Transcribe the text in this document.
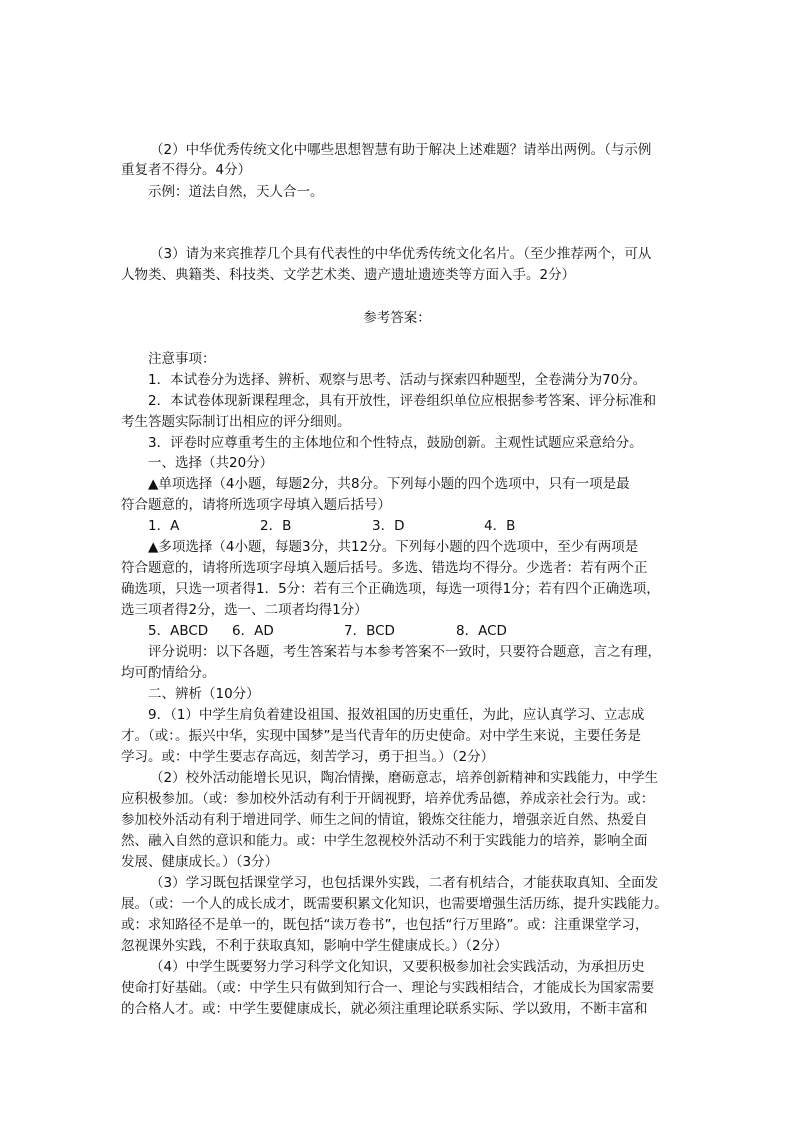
（2）中华优秀传统文化中哪些思想智慧有助于解决上述难题？请举出两例。（与示例
重复者不得分。4分）
示例：道法自然，天人合一。
（3）请为来宾推荐几个具有代表性的中华优秀传统文化名片。（至少推荐两个，可从
人物类、典籍类、科技类、文学艺术类、遗产遗址遗迹类等方面入手。2分）
参考答案：
注意事项：
1．本试卷分为选择、辨析、观察与思考、活动与探索四种题型，全卷满分为70分。
2．本试卷体现新课程理念，具有开放性，评卷组织单位应根据参考答案、评分标准和
考生答题实际制订出相应的评分细则。
3．评卷时应尊重考生的主体地位和个性特点，鼓励创新。主观性试题应采意给分。
一、选择（共20分）
▲单项选择（4小题，每题2分，共8分。下列每小题的四个选项中，只有一项是最
符合题意的，请将所选项字母填入题后括号）
1．A	2．B	3．D	4．B
▲多项选择（4小题，每题3分，共12分。下列每小题的四个选项中，至少有两项是
符合题意的，请将所选项字母填入题后括号。多选、错选均不得分。少选者：若有两个正
确选项，只选一项者得1．5分：若有三个正确选项，每选一项得1分；若有四个正确选项，
选三项者得2分，选一、二项者均得1分）
5．ABCD 6．AD	7．BCD	8．ACD
评分说明：以下各题，考生答案若与本参考答案不一致时，只要符合题意，言之有理，
均可酌情给分。
二、辨析（10分）
9．（1）中学生肩负着建设祖国、报效祖国的历史重任，为此，应认真学习、立志成
才。（或：。振兴中华，实现中国梦”是当代青年的历史使命。对中学生来说，主要任务是
学习。或：中学生要志存高远，刻苦学习，勇于担当。）（2分）
（2）校外活动能增长见识，陶冶情操，磨砺意志，培养创新精神和实践能力，中学生
应积极参加。（或：参加校外活动有利于开阔视野，培养优秀品德，养成亲社会行为。或：
参加校外活动有利于增进同学、师生之间的情谊，锻炼交往能力，增强亲近自然、热爱自
然、融入自然的意识和能力。或：中学生忽视校外活动不利于实践能力的培养，影响全面
发展、健康成长。）（3分）
（3）学习既包括课堂学习，也包括课外实践，二者有机结合，才能获取真知、全面发
展。（或：一个人的成长成才，既需要积累文化知识，也需要增强生活历练，提升实践能力。
或：求知路径不是单一的，既包括“读万卷书”，也包括“行万里路”。或：注重课堂学习，
忽视课外实践，不利于获取真知，影响中学生健康成长。）（2分）
（4）中学生既要努力学习科学文化知识，又要积极参加社会实践活动，为承担历史
使命打好基础。（或：中学生只有做到知行合一、理论与实践相结合，才能成长为国家需要
的合格人才。或：中学生要健康成长，就必须注重理论联系实际、学以致用，不断丰富和
